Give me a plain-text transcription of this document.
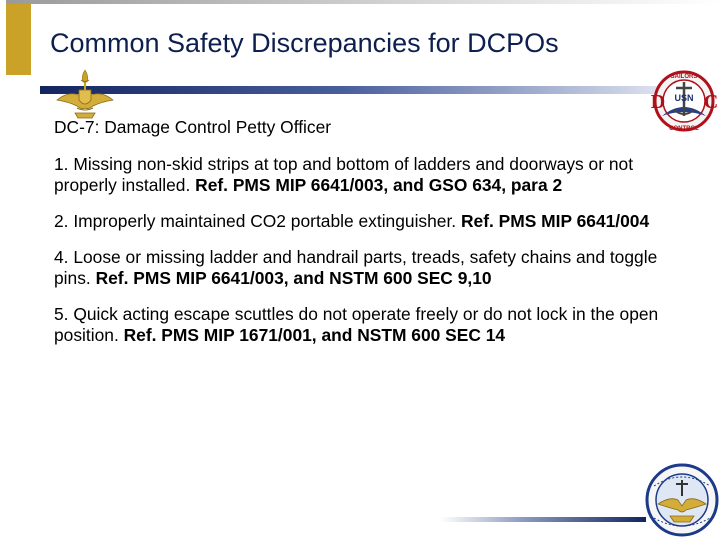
Common Safety Discrepancies for DCPOs
SAILORS
CONTROL
USN
D C

DC-7: Damage Control Petty Officer

1. Missing non-skid strips at top and bottom of ladders and doorways or not properly installed. Ref. PMS MIP 6641/003, and GSO 634, para 2

2. Improperly maintained CO2 portable extinguisher. Ref. PMS MIP 6641/004

4. Loose or missing ladder and handrail parts, treads, safety chains and toggle pins. Ref. PMS MIP 6641/003, and NSTM 600 SEC 9,10

5. Quick acting escape scuttles do not operate freely or do not lock in the open position. Ref. PMS MIP 1671/001, and NSTM 600 SEC 14
